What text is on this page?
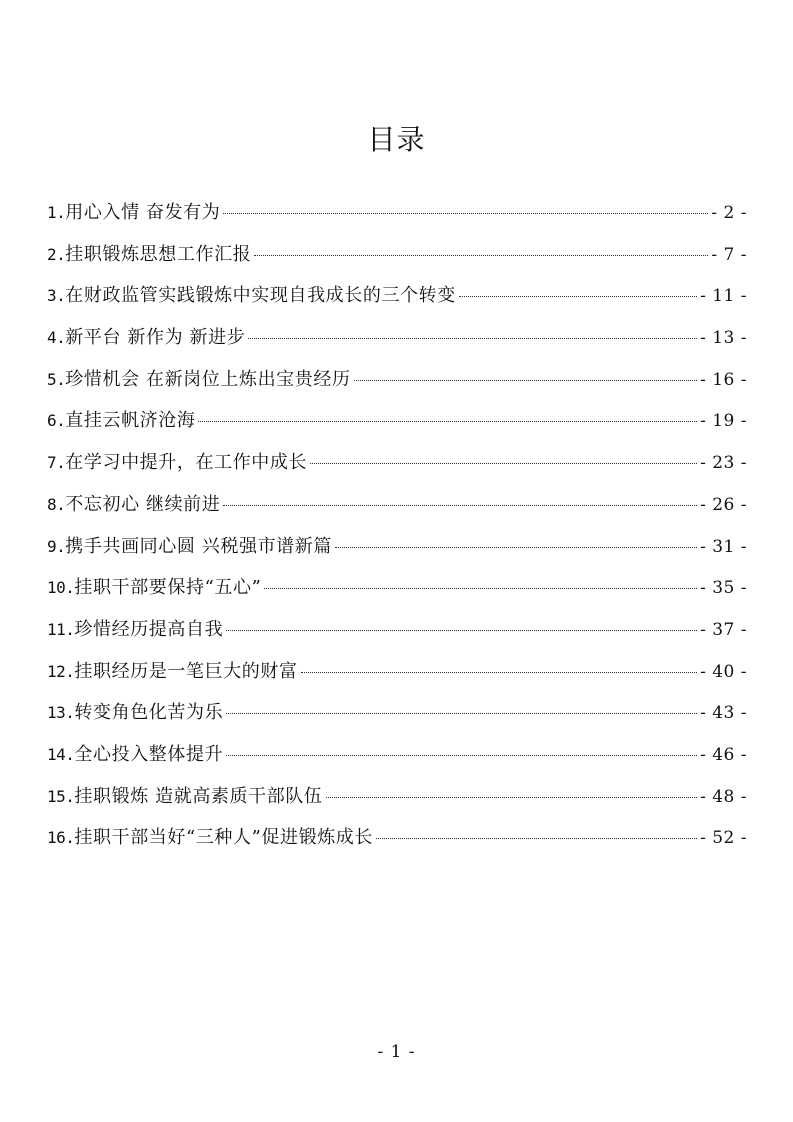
目录
1. 用心入情 奋发有为	- 2 -
2. 挂职锻炼思想工作汇报	- 7 -
3. 在财政监管实践锻炼中实现自我成长的三个转变	- 11 -
4. 新平台 新作为 新进步	- 13 -
5. 珍惜机会 在新岗位上炼出宝贵经历	- 16 -
6. 直挂云帆济沧海	- 19 -
7. 在学习中提升，在工作中成长	- 23 -
8. 不忘初心 继续前进	- 26 -
9. 携手共画同心圆 兴税强市谱新篇	- 31 -
10. 挂职干部要保持“五心”	- 35 -
11. 珍惜经历提高自我	- 37 -
12. 挂职经历是一笔巨大的财富	- 40 -
13. 转变角色化苦为乐	- 43 -
14. 全心投入整体提升	- 46 -
15. 挂职锻炼 造就高素质干部队伍	- 48 -
16. 挂职干部当好“三种人”促进锻炼成长	- 52 -
- 1 -
